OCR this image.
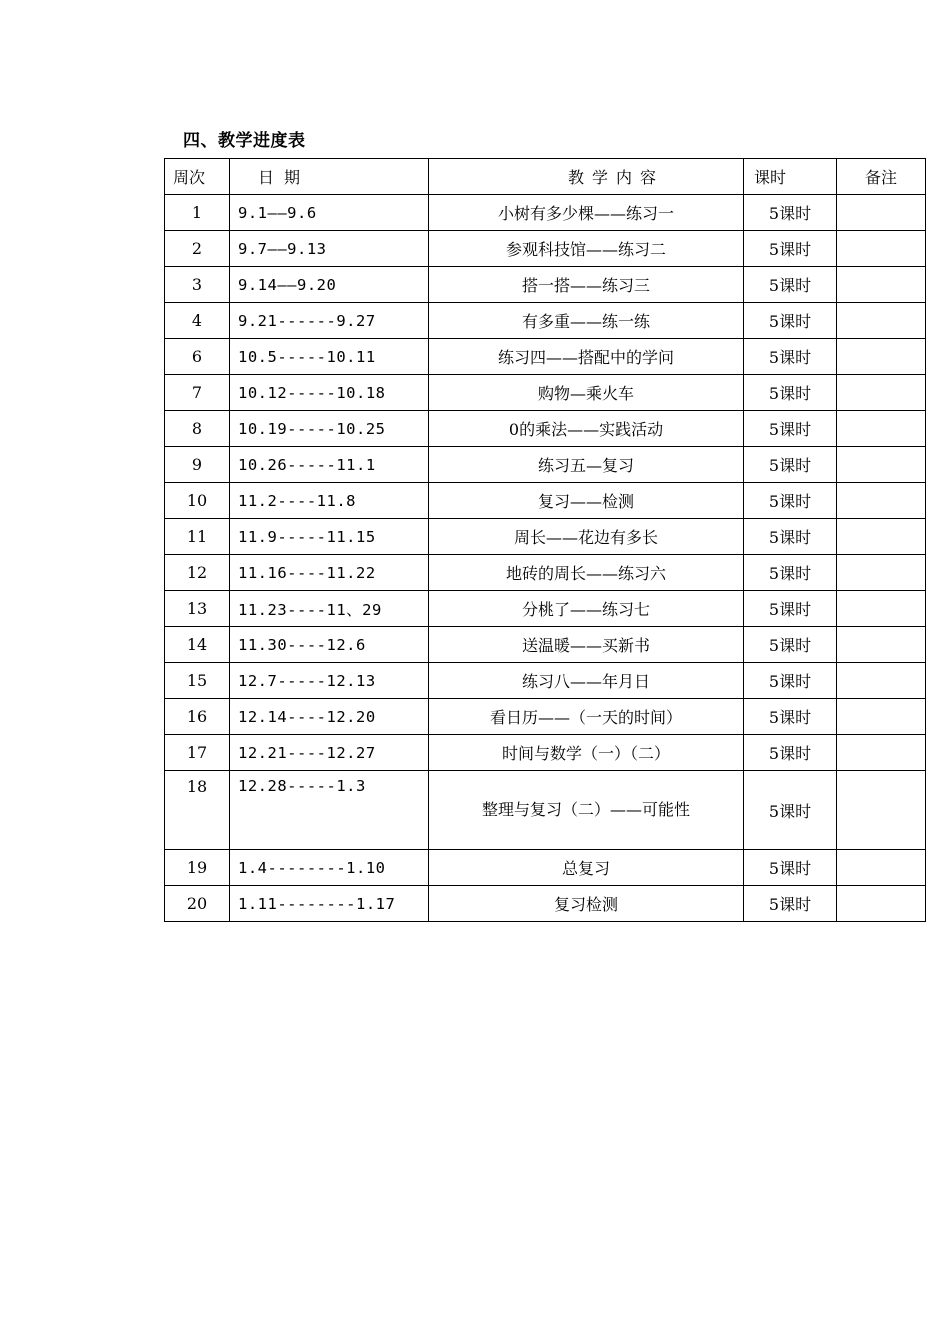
四、教学进度表
周次	日期	教学内容	课时	备注
1	9.1——9.6	小树有多少棵——练习一	5课时	
2	9.7——9.13	参观科技馆——练习二	5课时	
3	9.14——9.20	搭一搭——练习三	5课时	
4	9.21------9.27	有多重——练一练	5课时	
6	10.5-----10.11	练习四——搭配中的学问	5课时	
7	10.12-----10.18	购物—乘火车	5课时	
8	10.19-----10.25	0的乘法——实践活动	5课时	
9	10.26-----11.1	练习五—复习	5课时	
10	11.2----11.8	复习——检测	5课时	
11	11.9-----11.15	周长——花边有多长	5课时	
12	11.16----11.22	地砖的周长——练习六	5课时	
13	11.23----11、29	分桃了——练习七	5课时	
14	11.30----12.6	送温暖——买新书	5课时	
15	12.7-----12.13	练习八——年月日	5课时	
16	12.14----12.20	看日历——（一天的时间）	5课时	
17	12.21----12.27	时间与数学（一）（二）	5课时	
18	12.28-----1.3	整理与复习（二）——可能性	5课时	
19	1.4--------1.10	总复习	5课时	
20	1.11--------1.17	复习检测	5课时	
